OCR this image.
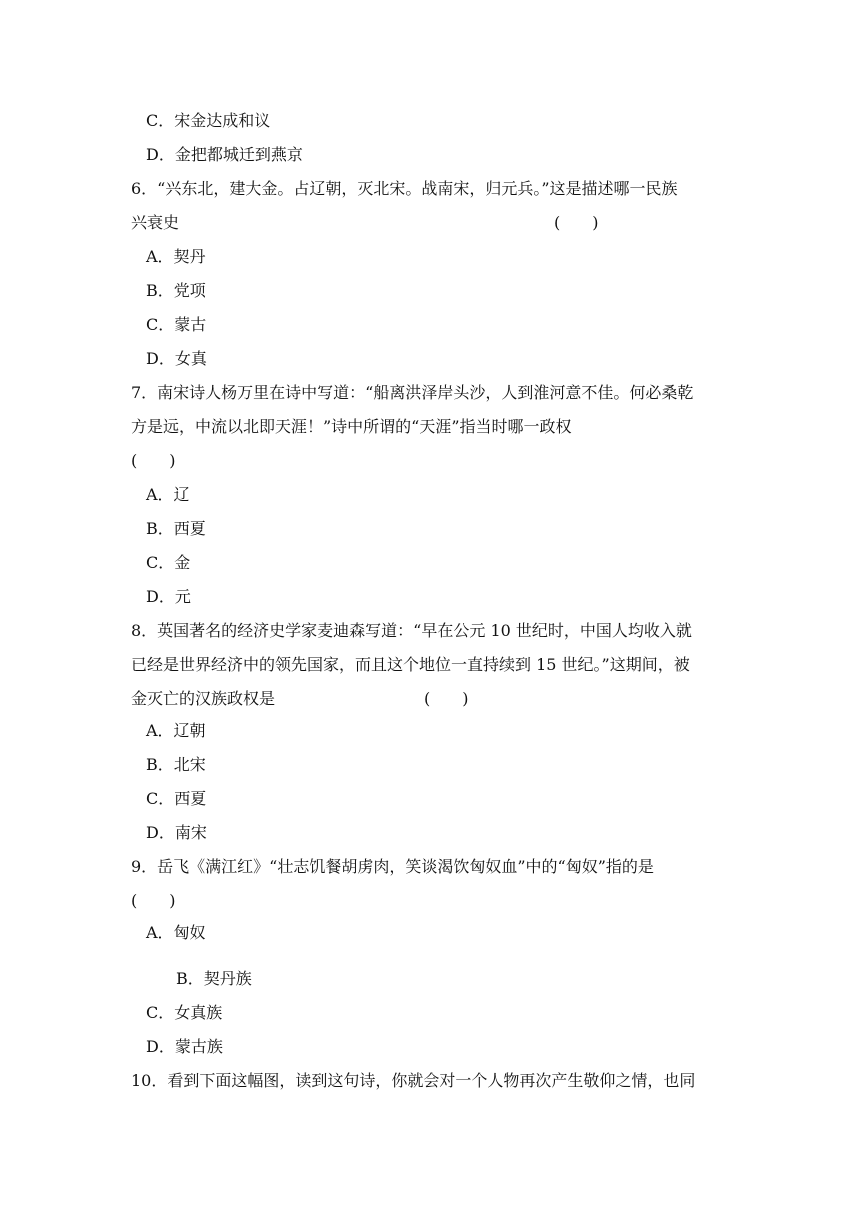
C．宋金达成和议
D．金把都城迁到燕京
6．“兴东北，建大金。占辽朝，灭北宋。战南宋，归元兵。”这是描述哪一民族
兴衰史	(　　)
A．契丹
B．党项
C．蒙古
D．女真
7．南宋诗人杨万里在诗中写道：“船离洪泽岸头沙，人到淮河意不佳。何必桑乾
方是远，中流以北即天涯！”诗中所谓的“天涯”指当时哪一政权
(　　)
A．辽
B．西夏
C．金
D．元
8．英国著名的经济史学家麦迪森写道：“早在公元 10 世纪时，中国人均收入就
已经是世界经济中的领先国家，而且这个地位一直持续到 15 世纪。”这期间，被
金灭亡的汉族政权是	(　　)
A．辽朝
B．北宋
C．西夏
D．南宋
9．岳飞《满江红》“壮志饥餐胡虏肉，笑谈渴饮匈奴血”中的“匈奴”指的是
(　　)
A．匈奴
B．契丹族
C．女真族
D．蒙古族
10．看到下面这幅图，读到这句诗，你就会对一个人物再次产生敬仰之情，也同
